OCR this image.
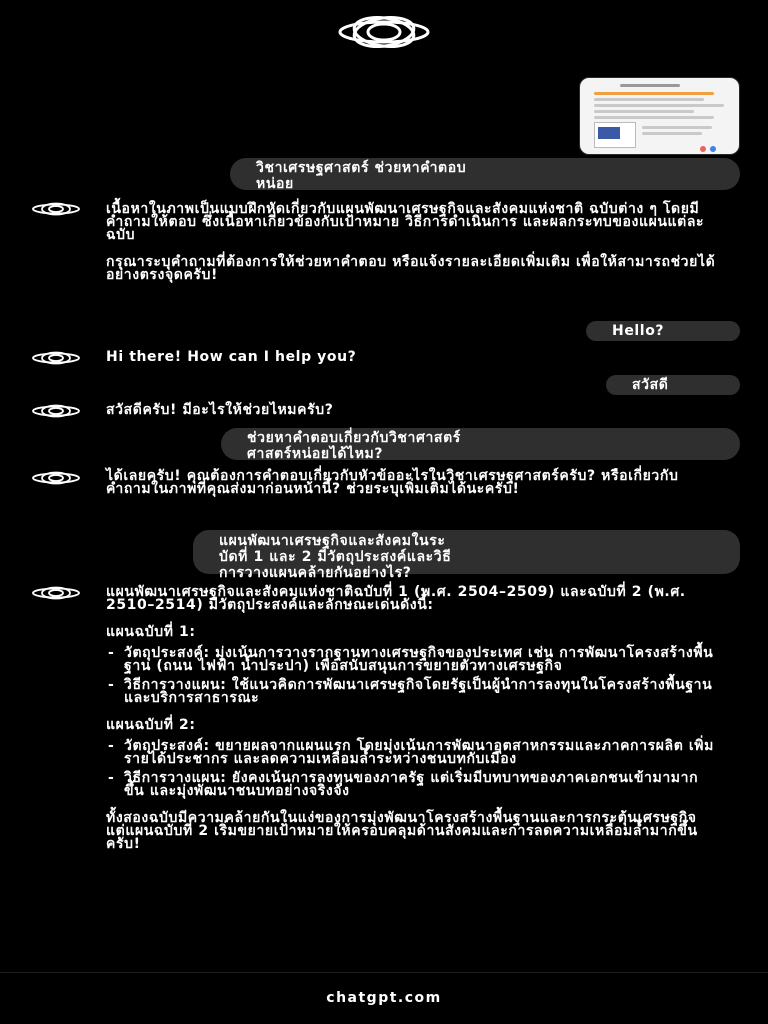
วิชาเศรษฐศาสตร์ ช่วยหาคำตอบ
หน่อย

เนื้อหาในภาพเป็นแบบฝึกหัดเกี่ยวกับแผนพัฒนาเศรษฐกิจและสังคมแห่งชาติ ฉบับต่าง ๆ โดยมีคำถามให้ตอบ ซึ่งเนื้อหาเกี่ยวข้องกับเป้าหมาย วิธีการดำเนินการ และผลกระทบของแผนแต่ละฉบับ

กรุณาระบุคำถามที่ต้องการให้ช่วยหาคำตอบ หรือแจ้งรายละเอียดเพิ่มเติม เพื่อให้สามารถช่วยได้อย่างตรงจุดครับ!

Hello?

Hi there! How can I help you?

สวัสดี

สวัสดีครับ! มีอะไรให้ช่วยไหมครับ?

ช่วยหาคำตอบเกี่ยวกับวิชาศาสตร์
ศาสตร์หน่อยได้ไหม?

ได้เลยครับ! คุณต้องการคำตอบเกี่ยวกับหัวข้ออะไรในวิชาเศรษฐศาสตร์ครับ? หรือเกี่ยวกับคำถามในภาพที่คุณส่งมาก่อนหน้านี้? ช่วยระบุเพิ่มเติมได้นะครับ!

แผนพัฒนาเศรษฐกิจและสังคมในระ
บัดที่ 1 และ 2 มีวัตถุประสงค์และวิธี
การวางแผนคล้ายกันอย่างไร?

แผนพัฒนาเศรษฐกิจและสังคมแห่งชาติฉบับที่ 1 (พ.ศ. 2504–2509) และฉบับที่ 2 (พ.ศ. 2510–2514) มีวัตถุประสงค์และลักษณะเด่นดังนี้:

แผนฉบับที่ 1:
- วัตถุประสงค์: มุ่งเน้นการวางรากฐานทางเศรษฐกิจของประเทศ เช่น การพัฒนาโครงสร้างพื้นฐาน (ถนน ไฟฟ้า น้ำประปา) เพื่อสนับสนุนการขยายตัวทางเศรษฐกิจ
- วิธีการวางแผน: ใช้แนวคิดการพัฒนาเศรษฐกิจโดยรัฐเป็นผู้นำการลงทุนในโครงสร้างพื้นฐานและบริการสาธารณะ
แผนฉบับที่ 2:
- วัตถุประสงค์: ขยายผลจากแผนแรก โดยมุ่งเน้นการพัฒนาอุตสาหกรรมและภาคการผลิต เพิ่มรายได้ประชากร และลดความเหลื่อมล้ำระหว่างชนบทกับเมือง
- วิธีการวางแผน: ยังคงเน้นการลงทุนของภาครัฐ แต่เริ่มมีบทบาทของภาคเอกชนเข้ามามากขึ้น และมุ่งพัฒนาชนบทอย่างจริงจัง

ทั้งสองฉบับมีความคล้ายกันในแง่ของการมุ่งพัฒนาโครงสร้างพื้นฐานและการกระตุ้นเศรษฐกิจ แต่แผนฉบับที่ 2 เริ่มขยายเป้าหมายให้ครอบคลุมด้านสังคมและการลดความเหลื่อมล้ำมากขึ้นครับ!

chatgpt.com
